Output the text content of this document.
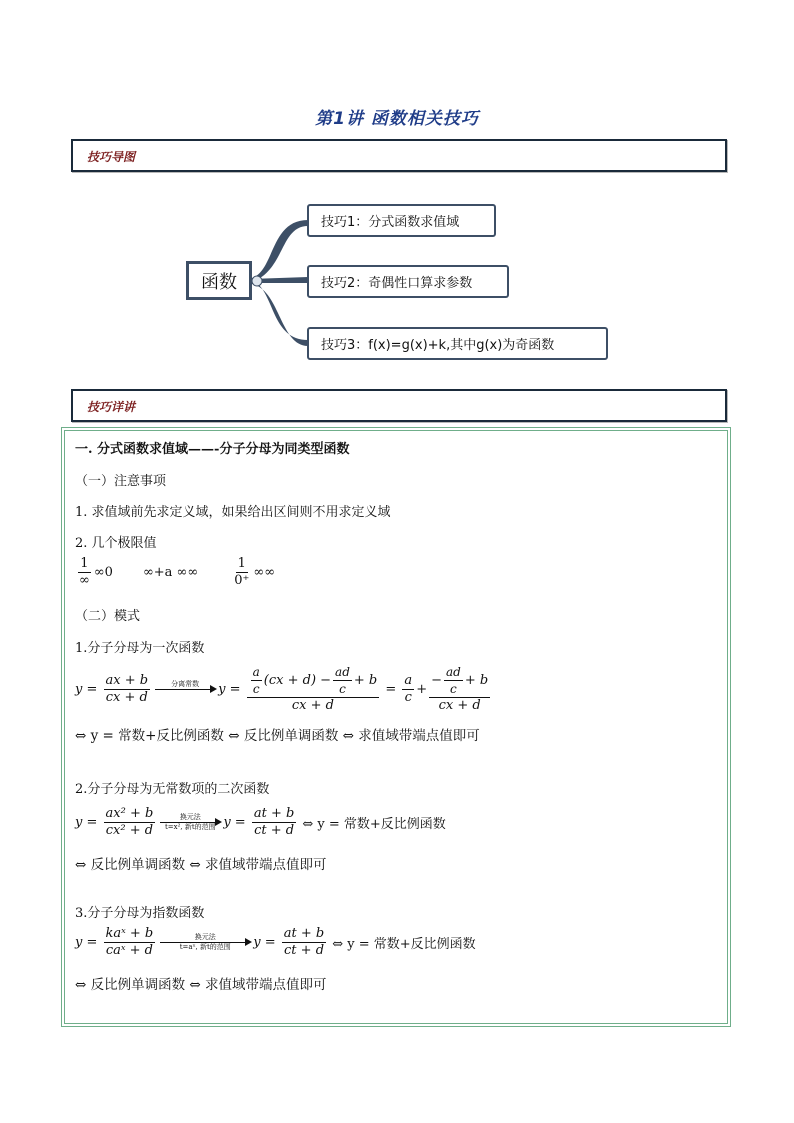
第1讲 函数相关技巧
技巧导图
函数
技巧1：分式函数求值域
技巧2：奇偶性口算求参数
技巧3：f(x)=g(x)+k,其中g(x)为奇函数
技巧详讲
一. 分式函数求值域——-分子分母为同类型函数
（一）注意事项
1. 求值域前先求定义域，如果给出区间则不用求定义域
2. 几个极限值
$\frac{1}{\infty} \infty 0$ ∞+a ∞∞	$\frac{1}{0^+}$ ∞∞
（二）模式
1.分子分母为一次函数
$y = \frac{ax + b}{cx + d}$	分离常数
$y = \frac{\frac{a}{c} (cx + d) - \frac{ad}{c} + b}{cx + d} = \frac{a}{c} + \frac{- \frac{ad}{c} + b}{cx + d}$
⇔ y = 常数+反比例函数 ⇔ 反比例单调函数 ⇔ 求值域带端点值即可
2.分子分母为无常数项的二次函数
$y = \frac{\text{ax² + b}}{\text{cx² + d}}$	换元法
t=x², 新t的范围 $y = \frac{at + b}{ct + d}$ ⇔ y = 常数+反比例函数
⇔ 反比例单调函数 ⇔ 求值域带端点值即可
3.分子分母为指数函数
$y = \frac{\text{kaˣ + b}}{\text{caˣ + d}}$	换元法
t=aˣ, 新t的范围 $y = \frac{at + b}{ct + d}$ ⇔ y = 常数+反比例函数
⇔ 反比例单调函数 ⇔ 求值域带端点值即可
